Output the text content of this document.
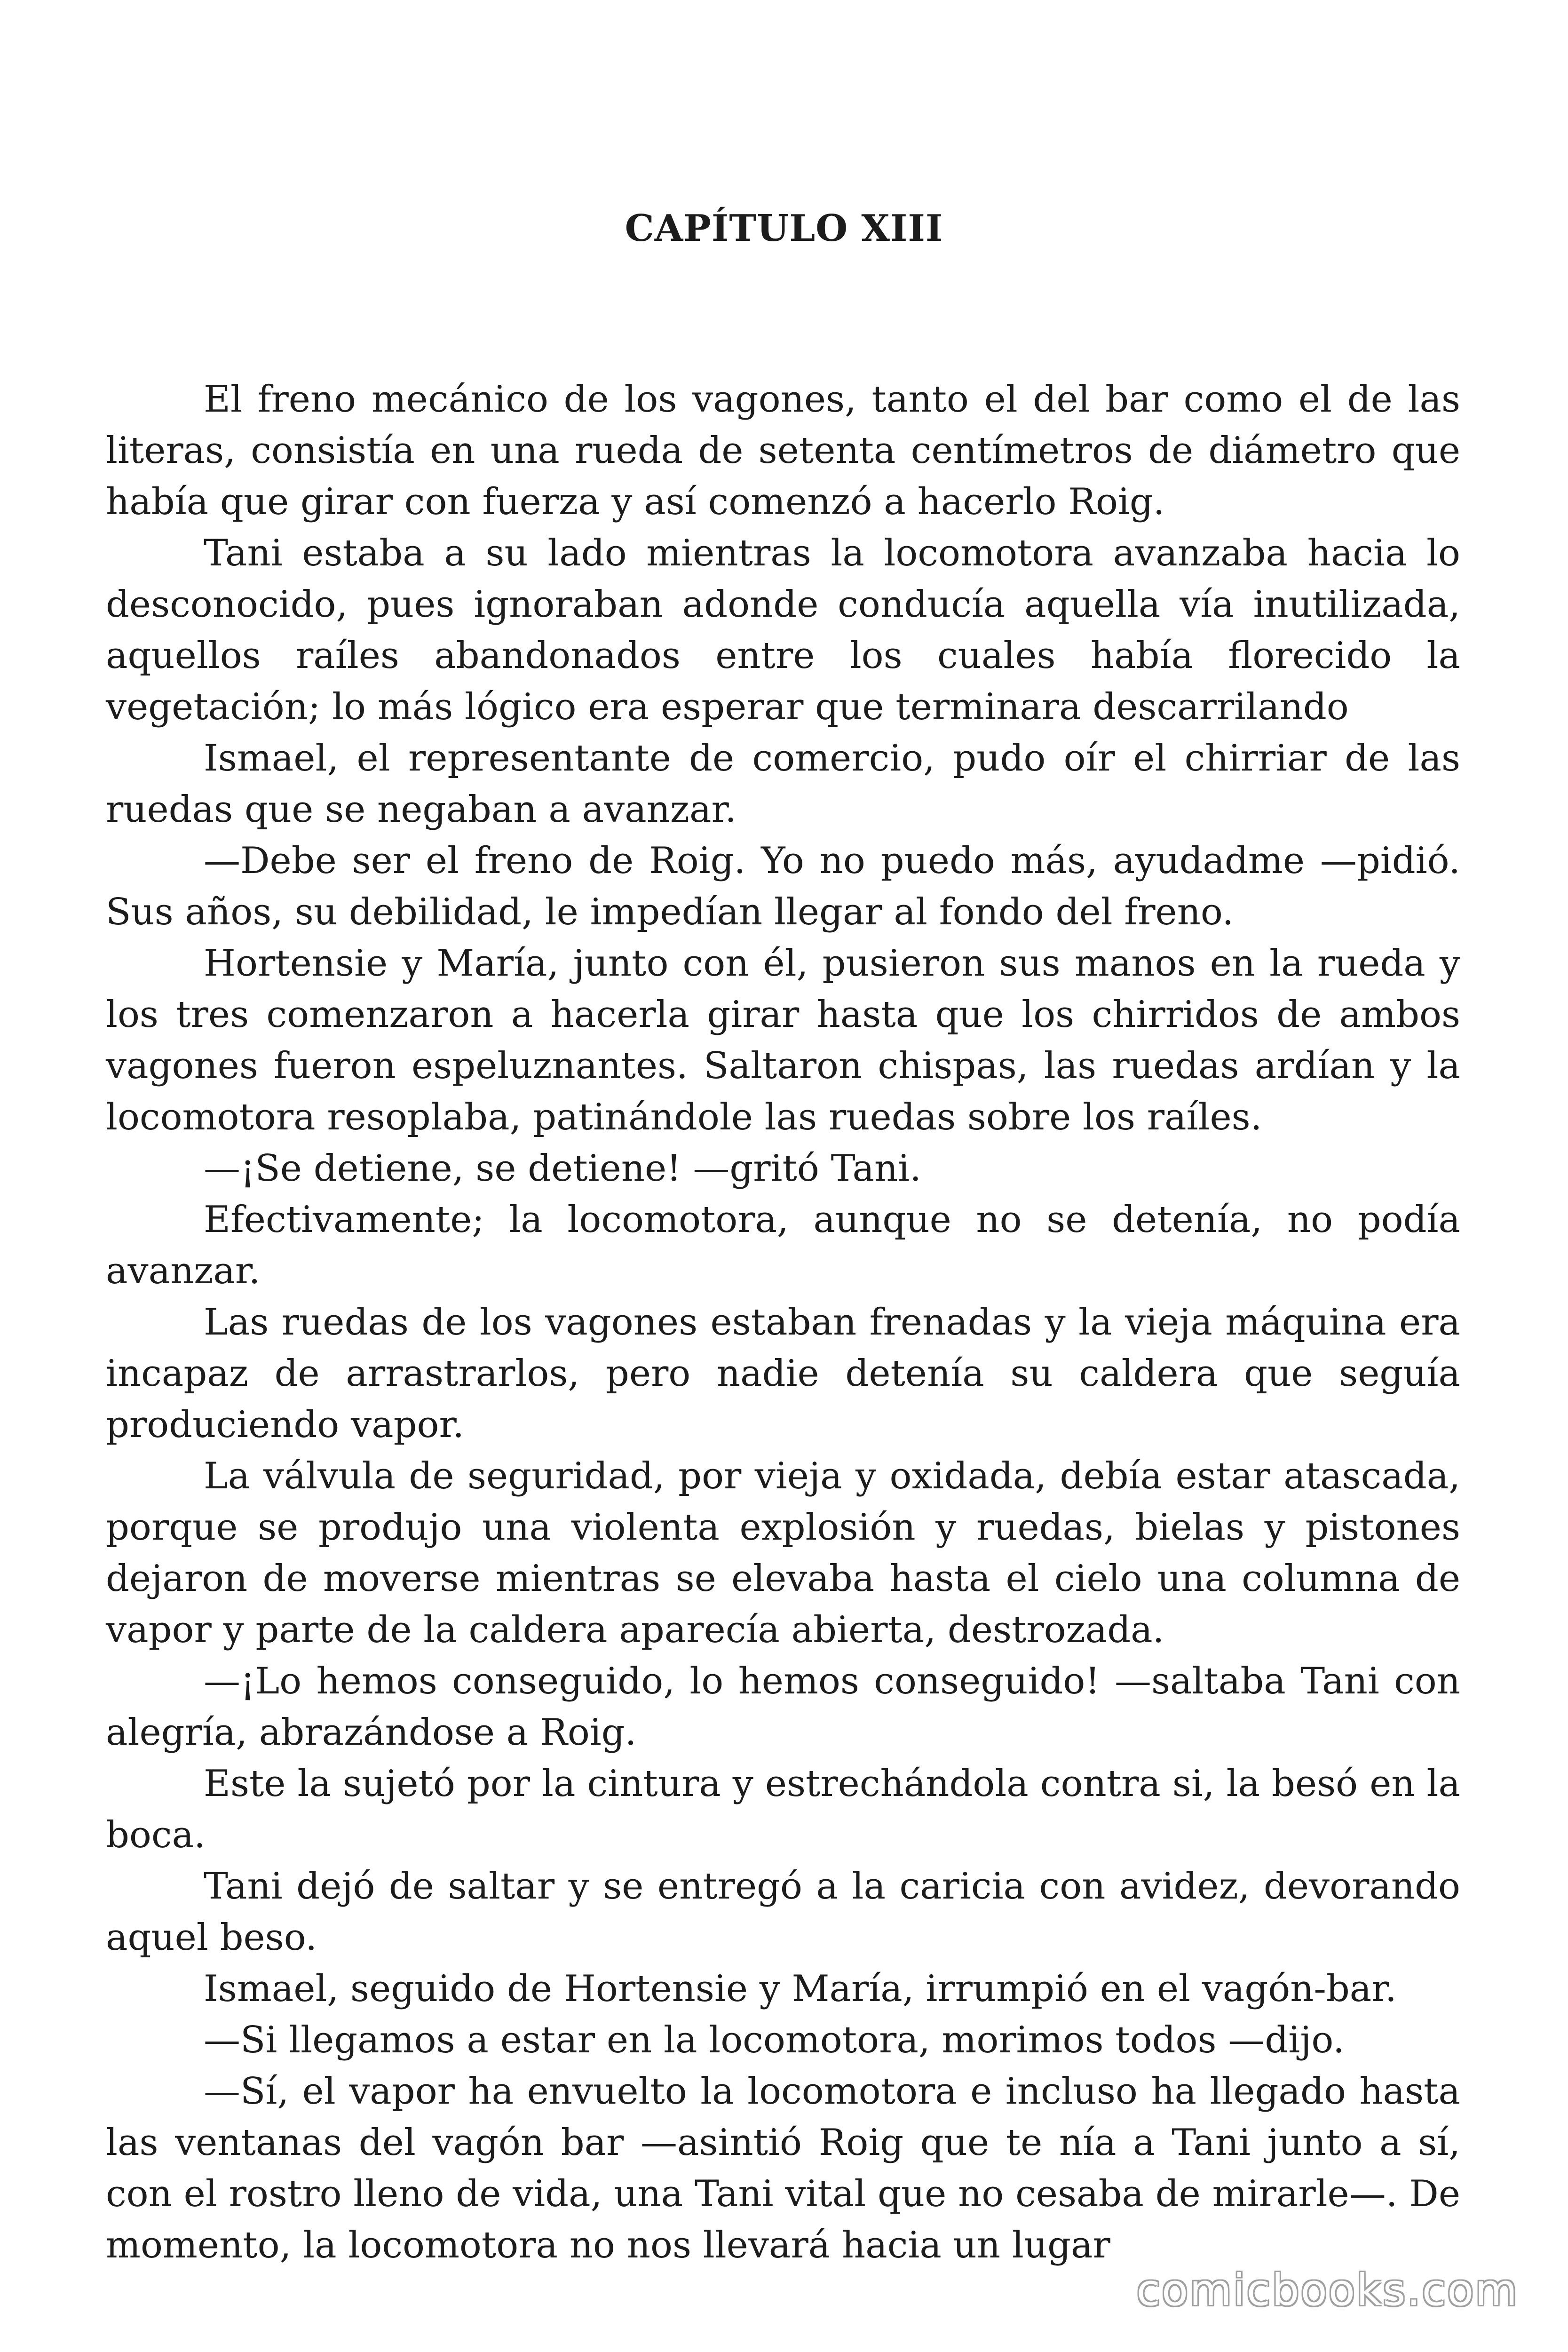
CAPÍTULO XIII

El freno mecánico de los vagones, tanto el del bar como el de las literas, consistía en una rueda de setenta centímetros de diámetro que había que girar con fuerza y así comenzó a hacerlo Roig.

Tani estaba a su lado mientras la locomotora avanzaba hacia lo desconocido, pues ignoraban adonde conducía aquella vía inutilizada, aquellos raíles abandonados entre los cuales había florecido la vegetación; lo más lógico era esperar que terminara descarrilando

Ismael, el representante de comercio, pudo oír el chirriar de las ruedas que se negaban a avanzar.

—Debe ser el freno de Roig. Yo no puedo más, ayudadme —pidió. Sus años, su debilidad, le impedían llegar al fondo del freno.

Hortensie y María, junto con él, pusieron sus manos en la rueda y los tres comenzaron a hacerla girar hasta que los chirridos de ambos vagones fueron espeluznantes. Saltaron chispas, las ruedas ardían y la locomotora resoplaba, patinándole las ruedas sobre los raíles.

—¡Se detiene, se detiene! —gritó Tani.

Efectivamente; la locomotora, aunque no se detenía, no podía avanzar.

Las ruedas de los vagones estaban frenadas y la vieja máquina era incapaz de arrastrarlos, pero nadie detenía su caldera que seguía produciendo vapor.

La válvula de seguridad, por vieja y oxidada, debía estar atascada, porque se produjo una violenta explosión y ruedas, bielas y pistones dejaron de moverse mientras se elevaba hasta el cielo una columna de vapor y parte de la caldera aparecía abierta, destrozada.

—¡Lo hemos conseguido, lo hemos conseguido! —saltaba Tani con alegría, abrazándose a Roig.

Este la sujetó por la cintura y estrechándola contra si, la besó en la boca.

Tani dejó de saltar y se entregó a la caricia con avidez, devorando aquel beso.

Ismael, seguido de Hortensie y María, irrumpió en el vagón-bar.

—Si llegamos a estar en la locomotora, morimos todos —dijo.

—Sí, el vapor ha envuelto la locomotora e incluso ha llegado hasta las ventanas del vagón bar —asintió Roig que te nía a Tani junto a sí, con el rostro lleno de vida, una Tani vital que no cesaba de mirarle—. De momento, la locomotora no nos llevará hacia un lugar

comicbooks.com
